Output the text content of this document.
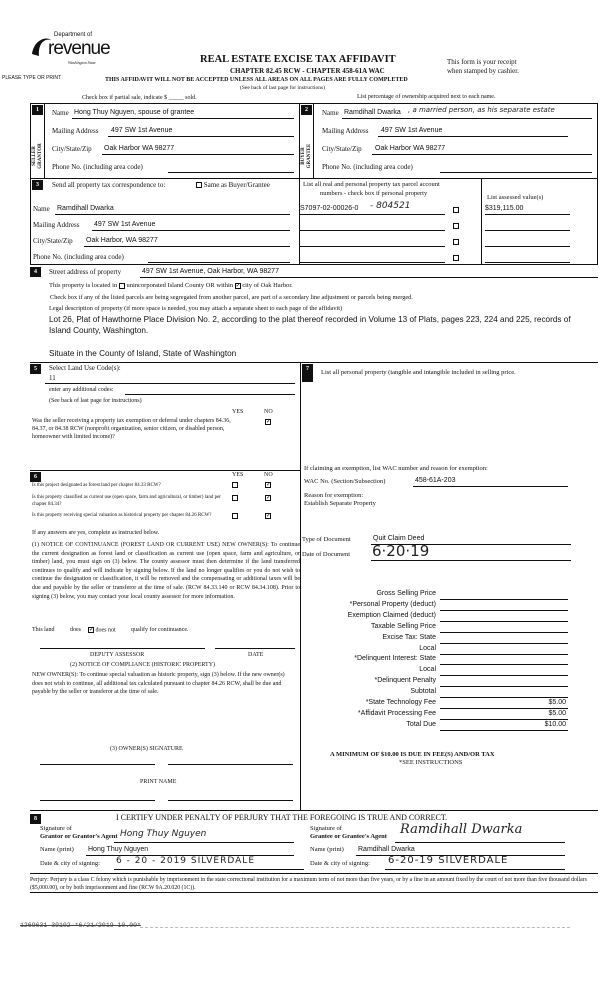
Department of
revenue
Washington State
PLEASE TYPE OR PRINT
REAL ESTATE EXCISE TAX AFFIDAVIT
CHAPTER 82.45 RCW - CHAPTER 458-61A WAC
This form is your receipt
when stamped by cashier.
THIS AFFIDAVIT WILL NOT BE ACCEPTED UNLESS ALL AREAS ON ALL PAGES ARE FULLY COMPLETED
(See back of last page for instructions)
Check box if partial sale, indicate $ _____ sold.	List percentage of ownership acquired next to each name.
1
SELLER GRANTOR
2
BUYER GRANTEE
Name Hong Thuy Nguyen, spouse of grantee
Mailing Address 497 SW 1st Avenue
City/State/Zip Oak Harbor WA 98277
Phone No. (including area code)
Name Ramdihall Dwarka , a married person, as his separate estate
Mailing Address 497 SW 1st Avenue
City/State/Zip Oak Harbor WA 98277
Phone No. (including area code)
3	Send all property tax correspondence to:	Same as Buyer/Grantee
Name Ramdihall Dwarka
Mailing Address 497 SW 1st Avenue
City/State/Zip Oak Harbor, WA 98277
Phone No. (including area code)
List all real and personal property tax parcel account
numbers - check box if personal property
List assessed value(s)
S7097-02-00026-0 - 804521	$319,115.00
4	Street address of property	497 SW 1st Avenue, Oak Harbor, WA 98277
This property is located in unincorporated Island County OR within ✓ city of Oak Harbor.
Check box if any of the listed parcels are being segregated from another parcel, are part of a secondary line adjustment or parcels being merged.
Legal description of property (if more space is needed, you may attach a separate sheet to each page of the affidavit)
Lot 26, Plat of Hawthorne Place Division No. 2, according to the plat thereof recorded in Volume 13 of Plats, pages 223, 224 and 225, records of Island County, Washington.
Situate in the County of Island, State of Washington
5	Select Land Use Code(s):
11
enter any additional codes:
(See back of last page for instructions)
YES	NO
Was the seller receiving a property tax exemption or deferral under chapters 84.36, 84.37, or 84.38 RCW (nonprofit organization, senior citizen, or disabled person, homeowner with limited income)?
✓
6	YES	NO
Is this project designated as forest land per chapter 84.33 RCW?	✓
Is this property classified as current use (open space, farm and agricultural, or timber) land per chapter 84.34?
✓
Is this property receiving special valuation as historical property per chapter 84.26 RCW?	✓
If any answers are yes, complete as instructed below.
(1) NOTICE OF CONTINUANCE (FOREST LAND OR CURRENT USE) NEW OWNER(S): To continue the current designation as forest land or classification as current use (open space, farm and agriculture, or timber) land, you must sign on (3) below. The county assessor must then determine if the land transferred continues to qualify and will indicate by signing below. If the land no longer qualifies or you do not wish to continue the designation or classification, it will be removed and the compensating or additional taxes will be due and payable by the seller or transferor at the time of sale. (RCW 84.33.140 or RCW 84.34.108). Prior to signing (3) below, you may contact your local county assessor for more information.
This land	does ✓ does not	qualify for continuance.
DEPUTY ASSESSOR	DATE
(2) NOTICE OF COMPLIANCE (HISTORIC PROPERTY)
NEW OWNER(S): To continue special valuation as historic property, sign (3) below. If the new owner(s) does not wish to continue, all additional tax calculated pursuant to chapter 84.26 RCW, shall be due and payable by the seller or transferor at the time of sale.
(3) OWNER(S) SIGNATURE
PRINT NAME
7	List all personal property (tangible and intangible included in selling price.
If claiming an exemption, list WAC number and reason for exemption:
WAC No. (Section/Subsection)	458-61A-203
Reason for exemption:
Establish Separate Property
Type of Document	Quit Claim Deed
Date of Document 6·20·19
Gross Selling Price
*Personal Property (deduct)
Exemption Claimed (deduct)
Taxable Selling Price
Excise Tax: State
Local
*Delinquent Interest: State
Local
*Delinquent Penalty
Subtotal
*State Technology Fee	$5.00
*Affidavit Processing Fee	$5.00
Total Due	$10.00
A MINIMUM OF $10.00 IS DUE IN FEE(S) AND/OR TAX
*SEE INSTRUCTIONS
8	I CERTIFY UNDER PENALTY OF PERJURY THAT THE FOREGOING IS TRUE AND CORRECT.
Signature of
Grantor or Grantor's Agent Hong Thuy Nguyen
Signature of
Grantee or Grantee's Agent Ramdihall Dwarka
Name (print) Hong Thuy Nguyen	Name (print) Ramdihall Dwarka
Date & city of signing: 6 - 20 - 2019 SILVERDALE	Date & city of signing: 6-20-19 SILVERDALE
Perjury: Perjury is a class C felony which is punishable by imprisonment in the state correctional institution for a maximum term of not more than five years, or by a fine in an amount fixed by the court of not more than five thousand dollars ($5,000.00), or by both imprisonment and fine (RCW 9A.20.020 (1C)).
1269631 39102 *6/21/2019 10.00*
